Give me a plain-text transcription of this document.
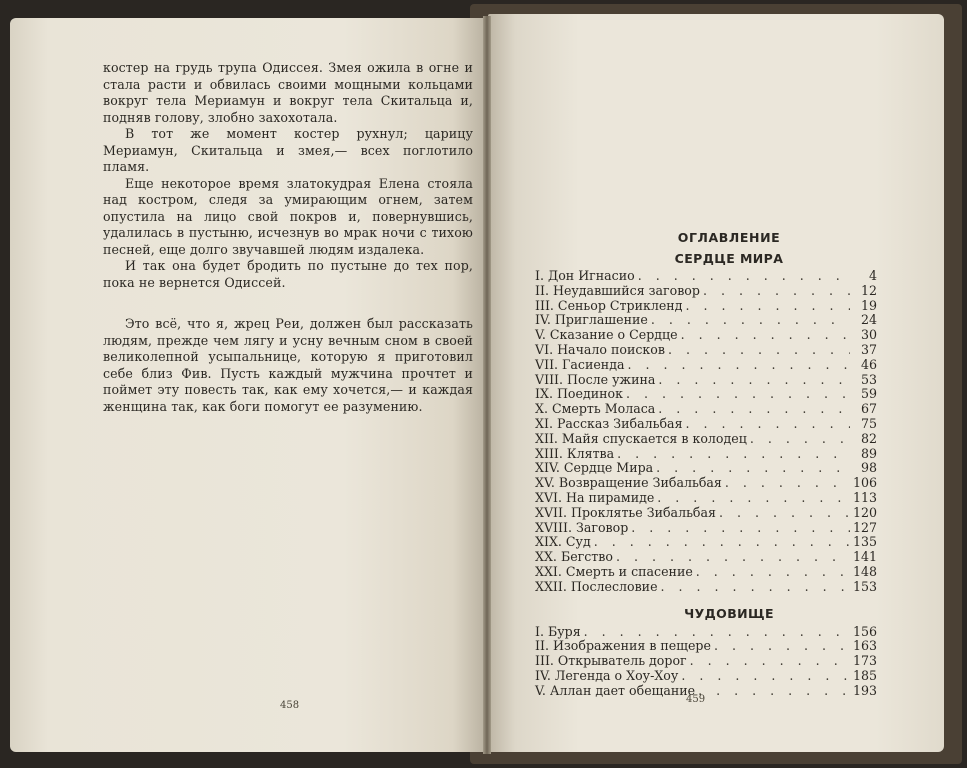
костер на грудь трупа Одиссея. Змея ожила в огне и стала расти и обвилась своими мощными кольцами вокруг тела Мериамун и вокруг тела Скитальца и, подняв голову, злобно захохотала.

В тот же момент костер рухнул; царицу Мериамун, Скитальца и змея,— всех поглотило пламя.

Еще некоторое время златокудрая Елена стояла над костром, следя за умирающим огнем, затем опустила на лицо свой покров и, повернувшись, удалилась в пустыню, исчезнув во мрак ночи с тихою песней, еще долго звучавшей людям издалека.

И так она будет бродить по пустыне до тех пор, пока не вернется Одиссей.

Это всё, что я, жрец Реи, должен был рассказать людям, прежде чем лягу и усну вечным сном в своей великолепной усыпальнице, которую я приготовил себе близ Фив. Пусть каждый мужчина прочтет и поймет эту повесть так, как ему хочется,— и каждая женщина так, как боги помогут ее разумению.

458
ОГЛАВЛЕНИЕ
СЕРДЦЕ МИРА
I. Дон Игнасио . . .	4
II. Неудавшийся заговор . . .	12
III. Сеньор Стрикленд . . .	19
IV. Приглашение . . .	24
V. Сказание о Сердце . . .	30
VI. Начало поисков . . .	37
VII. Гасиенда . . .	46
VIII. После ужина . . .	53
IX. Поединок . . .	59
X. Смерть Моласа . . .	67
XI. Рассказ Зибальбая . . .	75
XII. Майя спускается в колодец . . .	82
XIII. Клятва . . .	89
XIV. Сердце Мира . . .	98
XV. Возвращение Зибальбая . . .	106
XVI. На пирамиде . . .	113
XVII. Проклятье Зибальбая . . .	120
XVIII. Заговор . . .	127
XIX. Суд . . .	135
XX. Бегство . . .	141
XXI. Смерть и спасение . . .	148
XXII. Послесловие . . .	153
ЧУДОВИЩЕ
I. Буря . . .	156
II. Изображения в пещере . . .	163
III. Открыватель дорог . . .	173
IV. Легенда о Хоу-Хоу . . .	185
V. Аллан дает обещание . . .	193
459
